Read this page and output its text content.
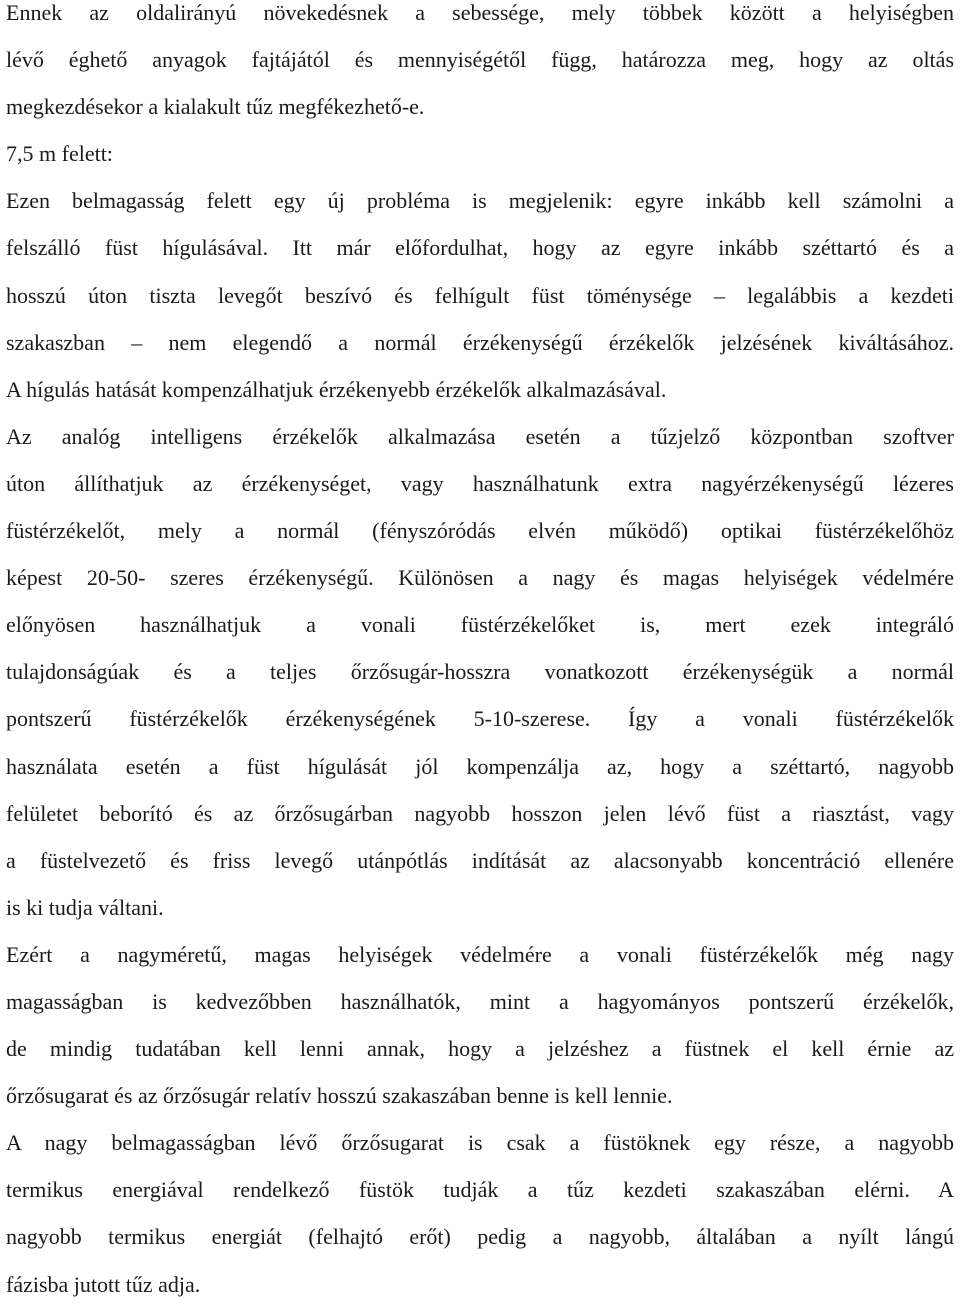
Ennek az oldalirányú növekedésnek a sebessége, mely többek között a helyiségben
lévő éghető anyagok fajtájától és mennyiségétől függ, határozza meg, hogy az oltás
megkezdésekor a kialakult tűz megfékezhető-e.
7,5 m felett:
Ezen belmagasság felett egy új probléma is megjelenik: egyre inkább kell számolni a
felszálló füst hígulásával. Itt már előfordulhat, hogy az egyre inkább széttartó és a
hosszú úton tiszta levegőt beszívó és felhígult füst töménysége – legalábbis a kezdeti
szakaszban – nem elegendő a normál érzékenységű érzékelők jelzésének kiváltásához.
A hígulás hatását kompenzálhatjuk érzékenyebb érzékelők alkalmazásával.
Az analóg intelligens érzékelők alkalmazása esetén a tűzjelző központban szoftver
úton állíthatjuk az érzékenységet, vagy használhatunk extra nagyérzékenységű lézeres
füstérzékelőt, mely a normál (fényszóródás elvén működő) optikai füstérzékelőhöz
képest 20-50- szeres érzékenységű. Különösen a nagy és magas helyiségek védelmére
előnyösen használhatjuk a vonali füstérzékelőket is, mert ezek integráló
tulajdonságúak és a teljes őrzősugár-hosszra vonatkozott érzékenységük a normál
pontszerű füstérzékelők érzékenységének 5-10-szerese. Így a vonali füstérzékelők
használata esetén a füst hígulását jól kompenzálja az, hogy a széttartó, nagyobb
felületet beborító és az őrzősugárban nagyobb hosszon jelen lévő füst a riasztást, vagy
a füstelvezető és friss levegő utánpótlás indítását az alacsonyabb koncentráció ellenére
is ki tudja váltani.
Ezért a nagyméretű, magas helyiségek védelmére a vonali füstérzékelők még nagy
magasságban is kedvezőbben használhatók, mint a hagyományos pontszerű érzékelők,
de mindig tudatában kell lenni annak, hogy a jelzéshez a füstnek el kell érnie az
őrzősugarat és az őrzősugár relatív hosszú szakaszában benne is kell lennie.
A nagy belmagasságban lévő őrzősugarat is csak a füstöknek egy része, a nagyobb
termikus energiával rendelkező füstök tudják a tűz kezdeti szakaszában elérni. A
nagyobb termikus energiát (felhajtó erőt) pedig a nagyobb, általában a nyílt lángú
fázisba jutott tűz adja.
